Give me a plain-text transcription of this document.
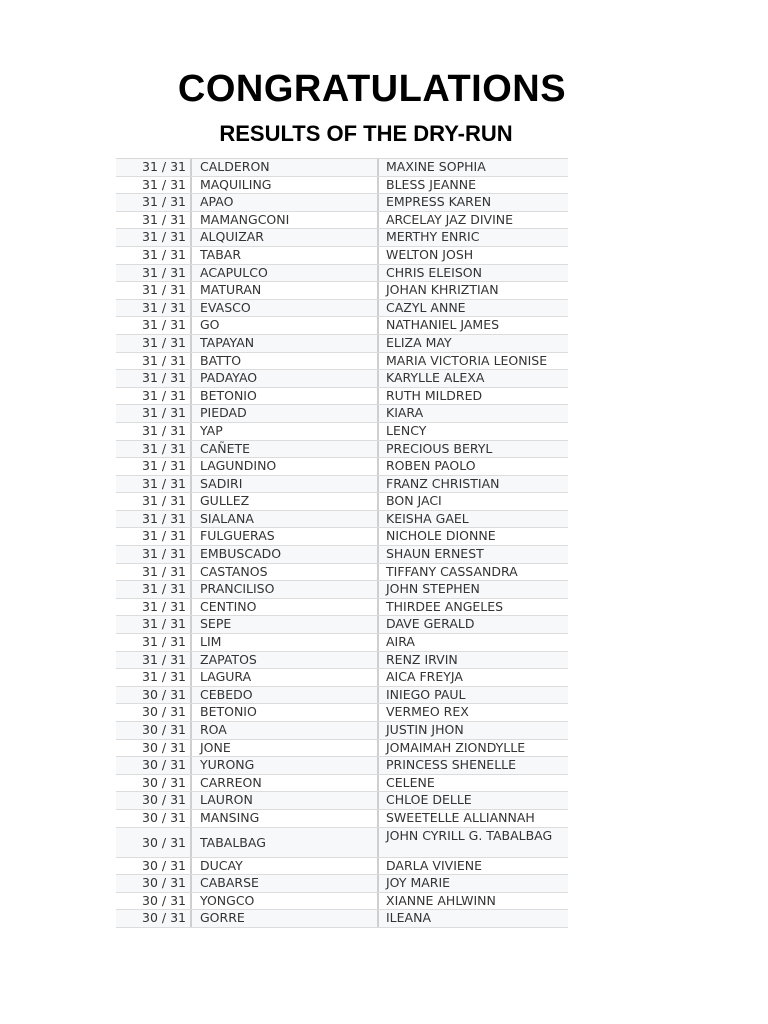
CONGRATULATIONS
RESULTS OF THE DRY-RUN
31 / 31	CALDERON	MAXINE SOPHIA
31 / 31	MAQUILING	BLESS JEANNE
31 / 31	APAO	EMPRESS KAREN
31 / 31	MAMANGCONI	ARCELAY JAZ DIVINE
31 / 31	ALQUIZAR	MERTHY ENRIC
31 / 31	TABAR	WELTON JOSH
31 / 31	ACAPULCO	CHRIS ELEISON
31 / 31	MATURAN	JOHAN KHRIZTIAN
31 / 31	EVASCO	CAZYL ANNE
31 / 31	GO	NATHANIEL JAMES
31 / 31	TAPAYAN	ELIZA MAY
31 / 31	BATTO	MARIA VICTORIA LEONISE
31 / 31	PADAYAO	KARYLLE ALEXA
31 / 31	BETONIO	RUTH MILDRED
31 / 31	PIEDAD	KIARA
31 / 31	YAP	LENCY
31 / 31	CAÑETE	PRECIOUS BERYL
31 / 31	LAGUNDINO	ROBEN PAOLO
31 / 31	SADIRI	FRANZ CHRISTIAN
31 / 31	GULLEZ	BON JACI
31 / 31	SIALANA	KEISHA GAEL
31 / 31	FULGUERAS	NICHOLE DIONNE
31 / 31	EMBUSCADO	SHAUN ERNEST
31 / 31	CASTANOS	TIFFANY CASSANDRA
31 / 31	PRANCILISO	JOHN STEPHEN
31 / 31	CENTINO	THIRDEE ANGELES
31 / 31	SEPE	DAVE GERALD
31 / 31	LIM	AIRA
31 / 31	ZAPATOS	RENZ IRVIN
31 / 31	LAGURA	AICA FREYJA
30 / 31	CEBEDO	INIEGO PAUL
30 / 31	BETONIO	VERMEO REX
30 / 31	ROA	JUSTIN JHON
30 / 31	JONE	JOMAIMAH ZIONDYLLE
30 / 31	YURONG	PRINCESS SHENELLE
30 / 31	CARREON	CELENE
30 / 31	LAURON	CHLOE DELLE
30 / 31	MANSING	SWEETELLE ALLIANNAH
30 / 31	TABALBAG	JOHN CYRILL G. TABALBAG
30 / 31	DUCAY	DARLA VIVIENE
30 / 31	CABARSE	JOY MARIE
30 / 31	YONGCO	XIANNE AHLWINN
30 / 31	GORRE	ILEANA
